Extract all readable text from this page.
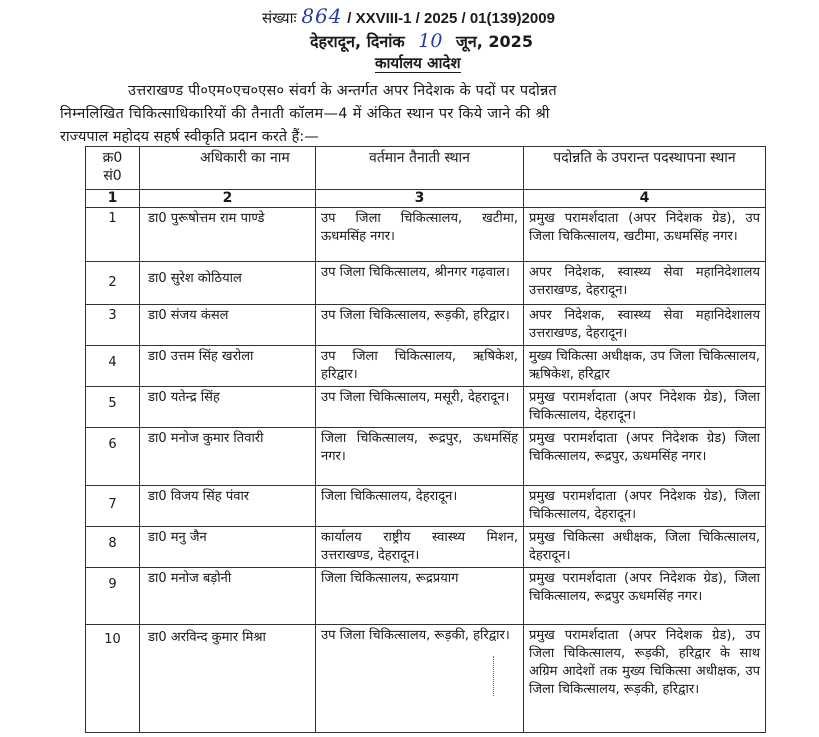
संख्याः 864 / XXVIII-1 / 2025 / 01(139)2009
देहरादून, दिनांक 10 जून, 2025
कार्यालय आदेश
उत्तराखण्ड पी०एम०एच०एस० संवर्ग के अन्तर्गत अपर निदेशक के पदों पर पदोन्नत
निम्नलिखित चिकित्साधिकारियों की तैनाती कॉलम—4 में अंकित स्थान पर किये जाने की श्री
राज्यपाल महोदय सहर्ष स्वीकृति प्रदान करते हैं:—
क्र0
सं0	अधिकारी का नाम	वर्तमान तैनाती स्थान	पदोन्नति के उपरान्त पदस्थापना स्थान
1	2	3	4
1	डा0 पुरूषोत्तम राम पाण्डे	उप जिला चिकित्सालय, खटीमा, ऊधमसिंह नगर।	प्रमुख परामर्शदाता (अपर निदेशक ग्रेड), उप जिला चिकित्सालय, खटीमा, ऊधमसिंह नगर।
2	डा0 सुरेश कोठियाल	उप जिला चिकित्सालय, श्रीनगर गढ़वाल।	अपर निदेशक, स्वास्थ्य सेवा महानिदेशालय उत्तराखण्ड, देहरादून।
3	डा0 संजय कंसल	उप जिला चिकित्सालय, रूड़की, हरिद्वार।	अपर निदेशक, स्वास्थ्य सेवा महानिदेशालय उत्तराखण्ड, देहरादून।
4	डा0 उत्तम सिंह खरोला	उप जिला चिकित्सालय, ऋषिकेश, हरिद्वार।	मुख्य चिकित्सा अधीक्षक, उप जिला चिकित्सालय, ऋषिकेश, हरिद्वार
5	डा0 यतेन्द्र सिंह	उप जिला चिकित्सालय, मसूरी, देहरादून।	प्रमुख परामर्शदाता (अपर निदेशक ग्रेड), जिला चिकित्सालय, देहरादून।
6	डा0 मनोज कुमार तिवारी	जिला चिकित्सालय, रूद्रपुर, ऊधमसिंह नगर।	प्रमुख परामर्शदाता (अपर निदेशक ग्रेड) जिला चिकित्सालय, रूद्रपुर, ऊधमसिंह नगर।
7	डा0 विजय सिंह पंवार	जिला चिकित्सालय, देहरादून।	प्रमुख परामर्शदाता (अपर निदेशक ग्रेड), जिला चिकित्सालय, देहरादून।
8	डा0 मनु जैन	कार्यालय राष्ट्रीय स्वास्थ्य मिशन, उत्तराखण्ड, देहरादून।	प्रमुख चिकित्सा अधीक्षक, जिला चिकित्सालय, देहरादून।
9	डा0 मनोज बड़ोनी	जिला चिकित्सालय, रूद्रप्रयाग	प्रमुख परामर्शदाता (अपर निदेशक ग्रेड), जिला चिकित्सालय, रूद्रपुर ऊधमसिंह नगर।
10	डा0 अरविन्द कुमार मिश्रा	उप जिला चिकित्सालय, रूड़की, हरिद्वार।	प्रमुख परामर्शदाता (अपर निदेशक ग्रेड), उप जिला चिकित्सालय, रूड़की, हरिद्वार के साथ अग्रिम आदेशों तक मुख्य चिकित्सा अधीक्षक, उप जिला चिकित्सालय, रूड़की, हरिद्वार।
